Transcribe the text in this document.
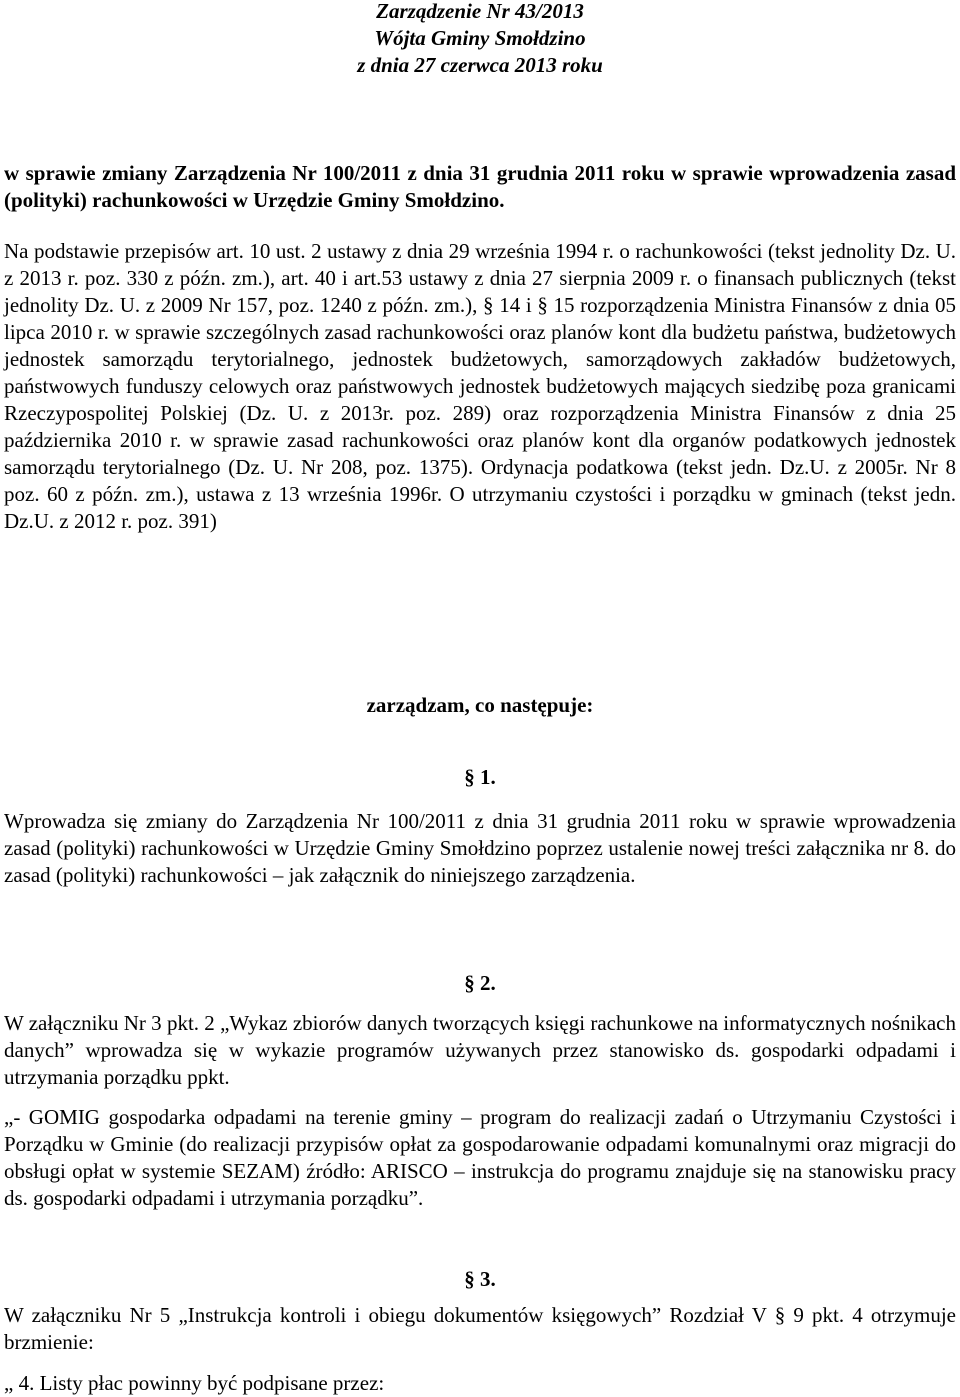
Zarządzenie Nr 43/2013
Wójta Gminy Smołdzino
z dnia 27 czerwca 2013 roku

w sprawie zmiany Zarządzenia Nr 100/2011 z dnia 31 grudnia 2011 roku w sprawie wprowadzenia zasad (polityki) rachunkowości w Urzędzie Gminy Smołdzino.

Na podstawie przepisów art. 10 ust. 2 ustawy z dnia 29 września 1994 r. o rachunkowości (tekst jednolity Dz. U. z 2013 r. poz. 330 z późn. zm.), art. 40 i art.53 ustawy z dnia 27 sierpnia 2009 r. o finansach publicznych (tekst jednolity Dz. U. z 2009 Nr 157, poz. 1240 z późn. zm.), § 14 i § 15 rozporządzenia Ministra Finansów z dnia 05 lipca 2010 r. w sprawie szczególnych zasad rachunkowości oraz planów kont dla budżetu państwa, budżetowych jednostek samorządu terytorialnego, jednostek budżetowych, samorządowych zakładów budżetowych, państwowych funduszy celowych oraz państwowych jednostek budżetowych mających siedzibę poza granicami Rzeczypospolitej Polskiej (Dz. U. z 2013r. poz. 289) oraz rozporządzenia Ministra Finansów z dnia 25 października 2010 r. w sprawie zasad rachunkowości oraz planów kont dla organów podatkowych jednostek samorządu terytorialnego (Dz. U. Nr 208, poz. 1375). Ordynacja podatkowa (tekst jedn. Dz.U. z 2005r. Nr 8 poz. 60 z późn. zm.), ustawa z 13 września 1996r. O utrzymaniu czystości i porządku w gminach (tekst jedn. Dz.U. z 2012 r. poz. 391)

zarządzam, co następuje:
§ 1.

Wprowadza się zmiany do Zarządzenia Nr 100/2011 z dnia 31 grudnia 2011 roku w sprawie wprowadzenia zasad (polityki) rachunkowości w Urzędzie Gminy Smołdzino poprzez ustalenie nowej treści załącznika nr 8. do zasad (polityki) rachunkowości – jak załącznik do niniejszego zarządzenia.

§ 2.

W załączniku Nr 3 pkt. 2 „Wykaz zbiorów danych tworzących księgi rachunkowe na informatycznych nośnikach danych” wprowadza się w wykazie programów używanych przez stanowisko ds. gospodarki odpadami i utrzymania porządku ppkt.

„- GOMIG gospodarka odpadami na terenie gminy – program do realizacji zadań o Utrzymaniu Czystości i Porządku w Gminie (do realizacji przypisów opłat za gospodarowanie odpadami komunalnymi oraz migracji do obsługi opłat w systemie SEZAM) źródło: ARISCO – instrukcja do programu znajduje się na stanowisku pracy ds. gospodarki odpadami i utrzymania porządku”.

§ 3.

W załączniku Nr 5 „Instrukcja kontroli i obiegu dokumentów księgowych” Rozdział V § 9 pkt. 4 otrzymuje brzmienie:

„ 4. Listy płac powinny być podpisane przez:
